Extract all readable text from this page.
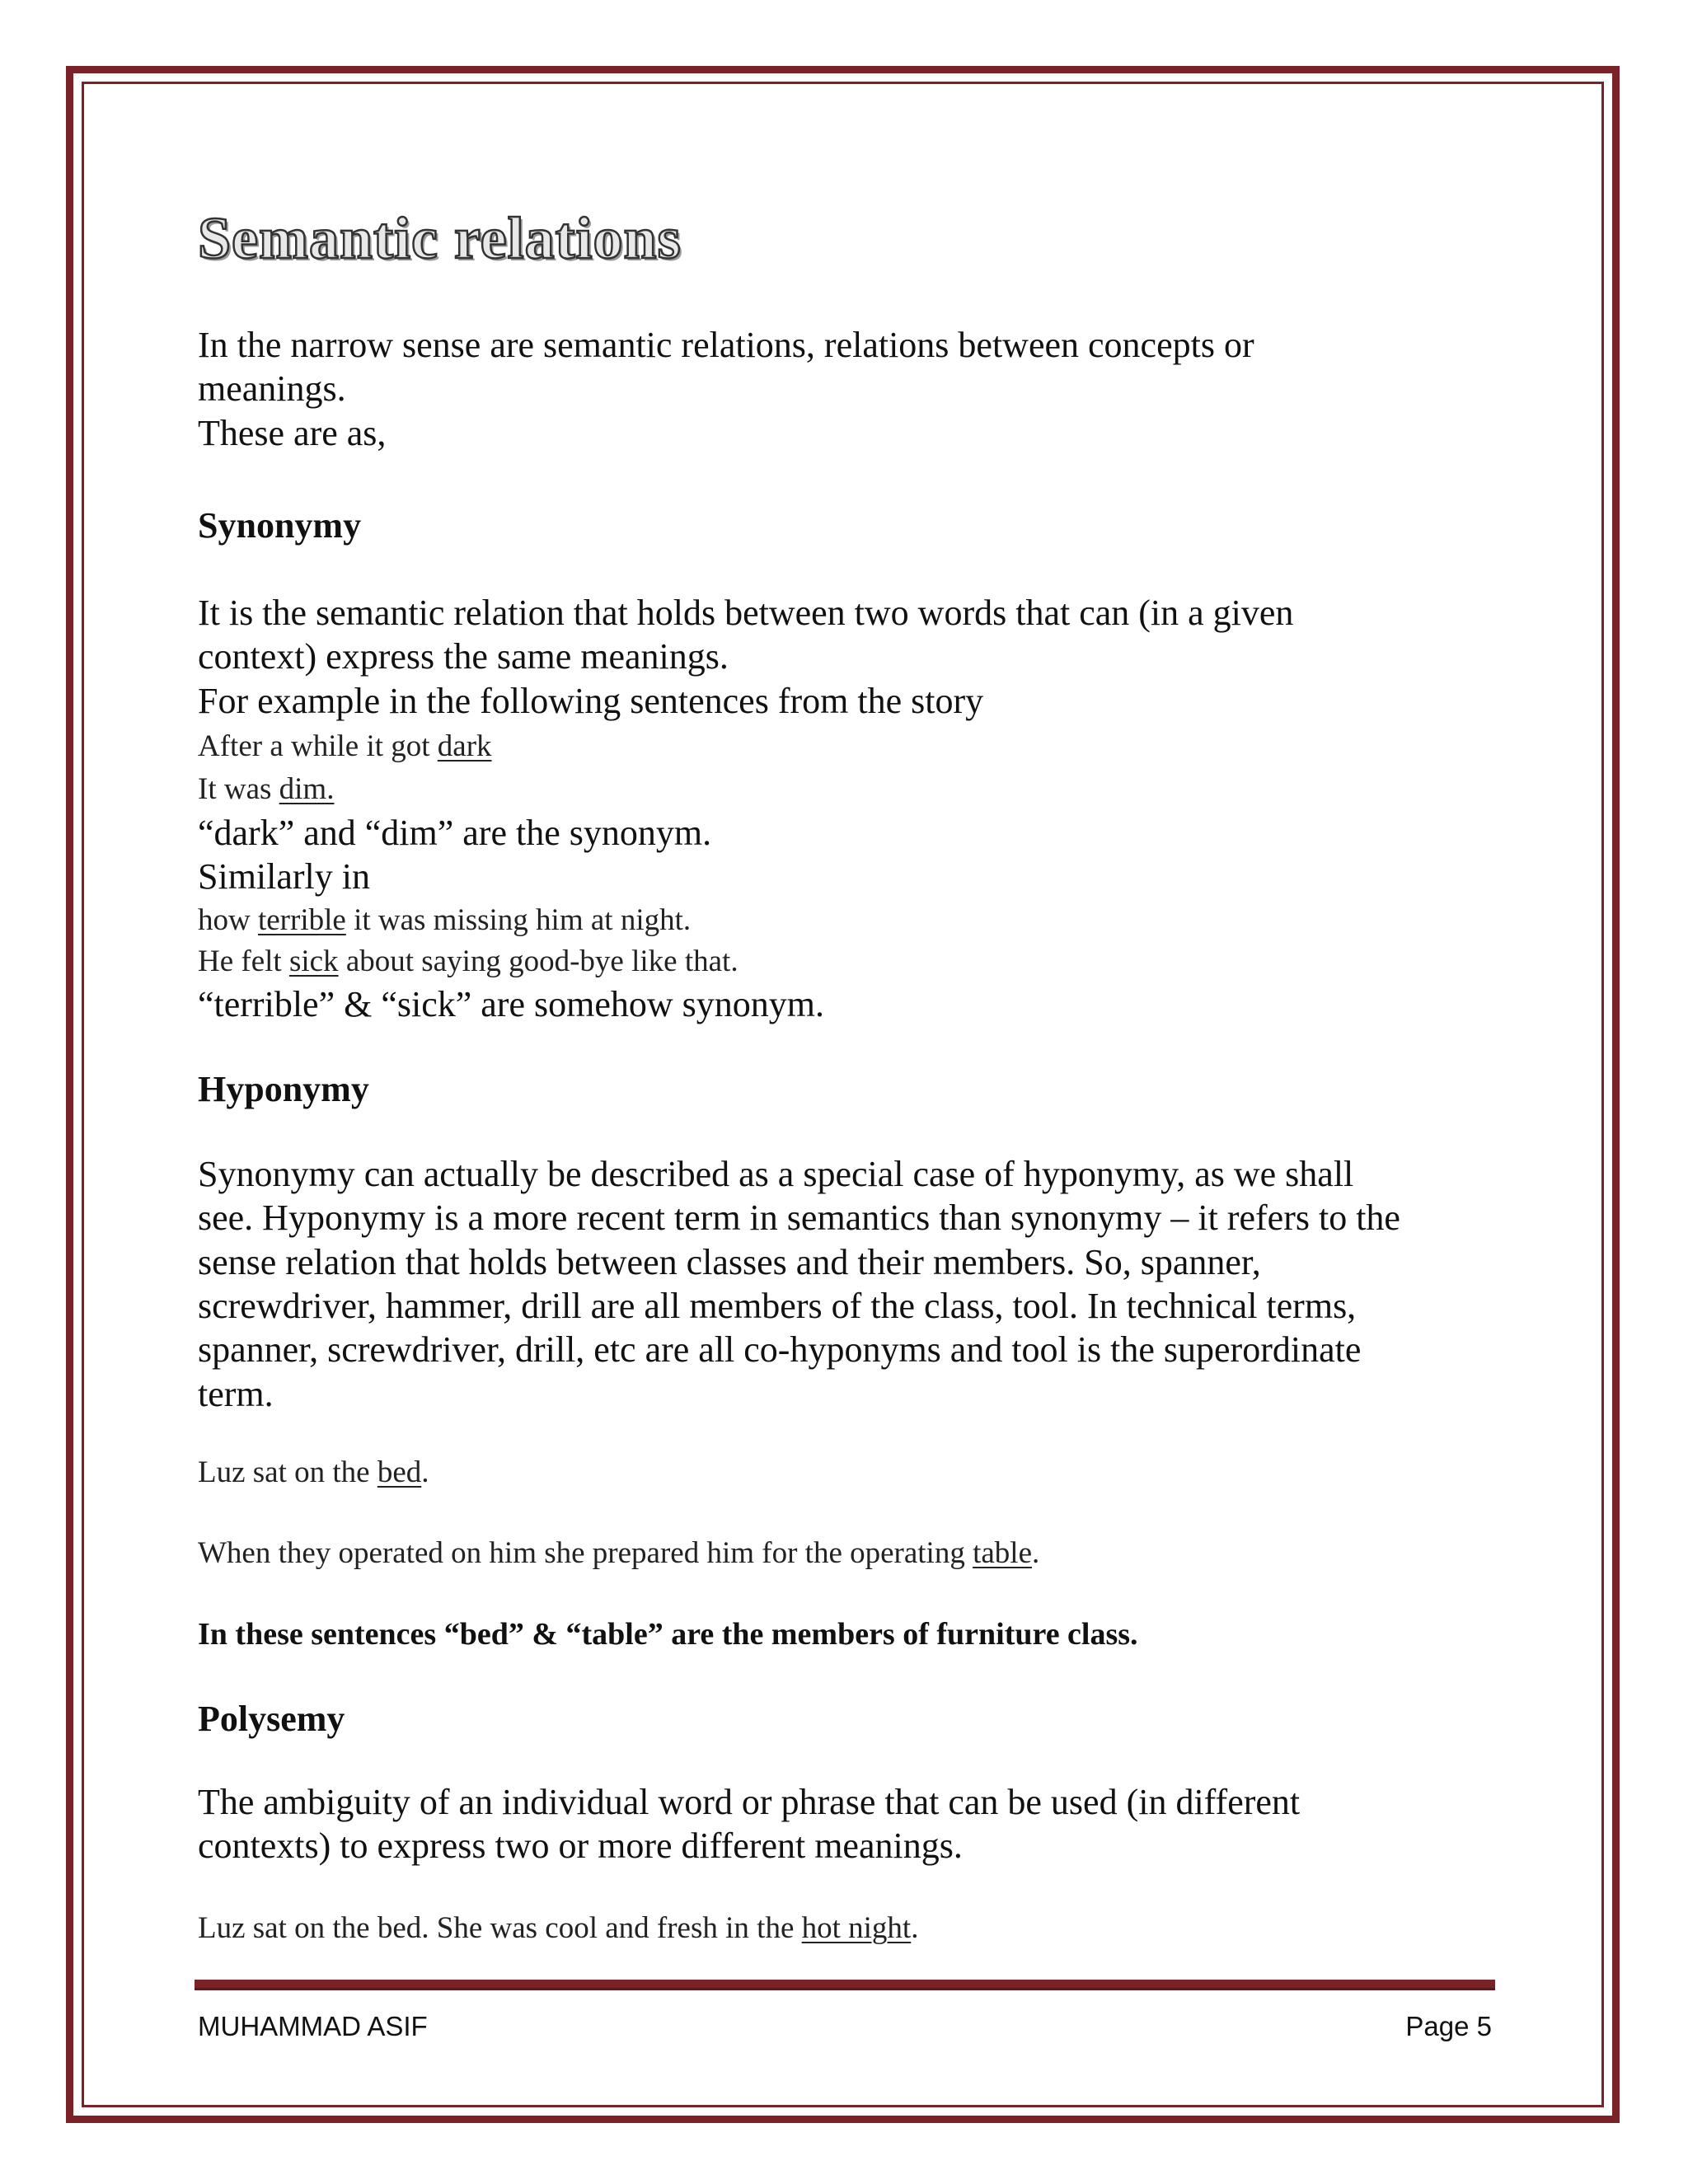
Semantic relations

In the narrow sense are semantic relations, relations between concepts or

meanings.

These are as,

Synonymy

It is the semantic relation that holds between two words that can (in a given

context) express the same meanings.

For example in the following sentences from the story

After a while it got dark

It was dim.

“dark” and “dim” are the synonym.

Similarly in

how terrible it was missing him at night.

He felt sick about saying good-bye like that.

“terrible” & “sick” are somehow synonym.

Hyponymy

Synonymy can actually be described as a special case of hyponymy, as we shall

see. Hyponymy is a more recent term in semantics than synonymy – it refers to the

sense relation that holds between classes and their members. So, spanner,

screwdriver, hammer, drill are all members of the class, tool. In technical terms,

spanner, screwdriver, drill, etc are all co-hyponyms and tool is the superordinate

term.

Luz sat on the bed.

When they operated on him she prepared him for the operating table.

In these sentences “bed” & “table” are the members of furniture class.

Polysemy

The ambiguity of an individual word or phrase that can be used (in different

contexts) to express two or more different meanings.

Luz sat on the bed. She was cool and fresh in the hot night.

MUHAMMAD ASIF	Page 5
